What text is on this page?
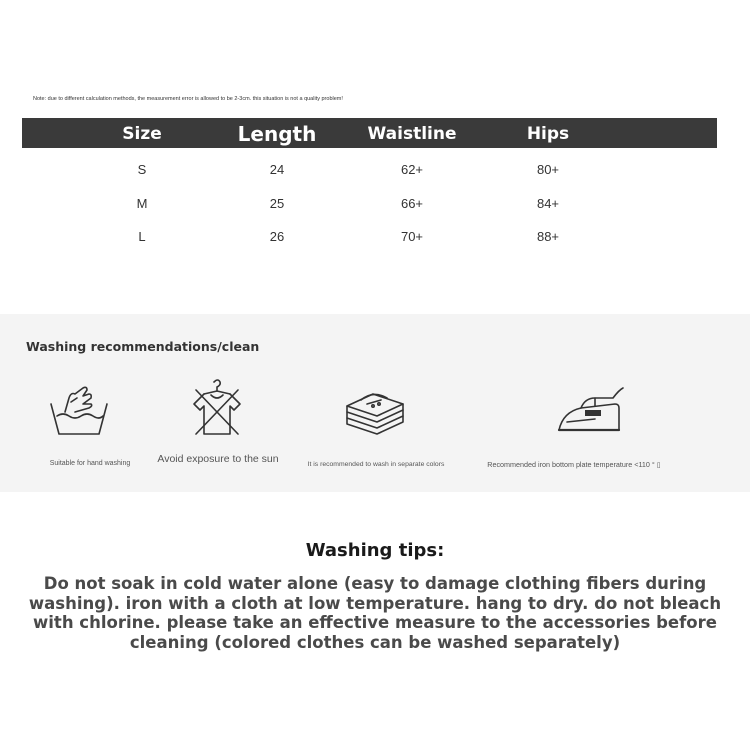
Note: due to different calculation methods, the measurement error is allowed to be 2-3cm. this situation is not a quality problem!
Size	Length	Waistline	Hips
S	24	62+	80+
M	25	66+	84+
L	26	70+	88+
Washing recommendations/clean
Suitable for hand washing	Avoid exposure to the sun	It is recommended to wash in separate colors	Recommended iron bottom plate temperature <110 ° ▯
Washing tips:
Do not soak in cold water alone (easy to damage clothing fibers during washing). iron with a cloth at low temperature. hang to dry. do not bleach with chlorine. please take an effective measure to the accessories before cleaning (colored clothes can be washed separately)
